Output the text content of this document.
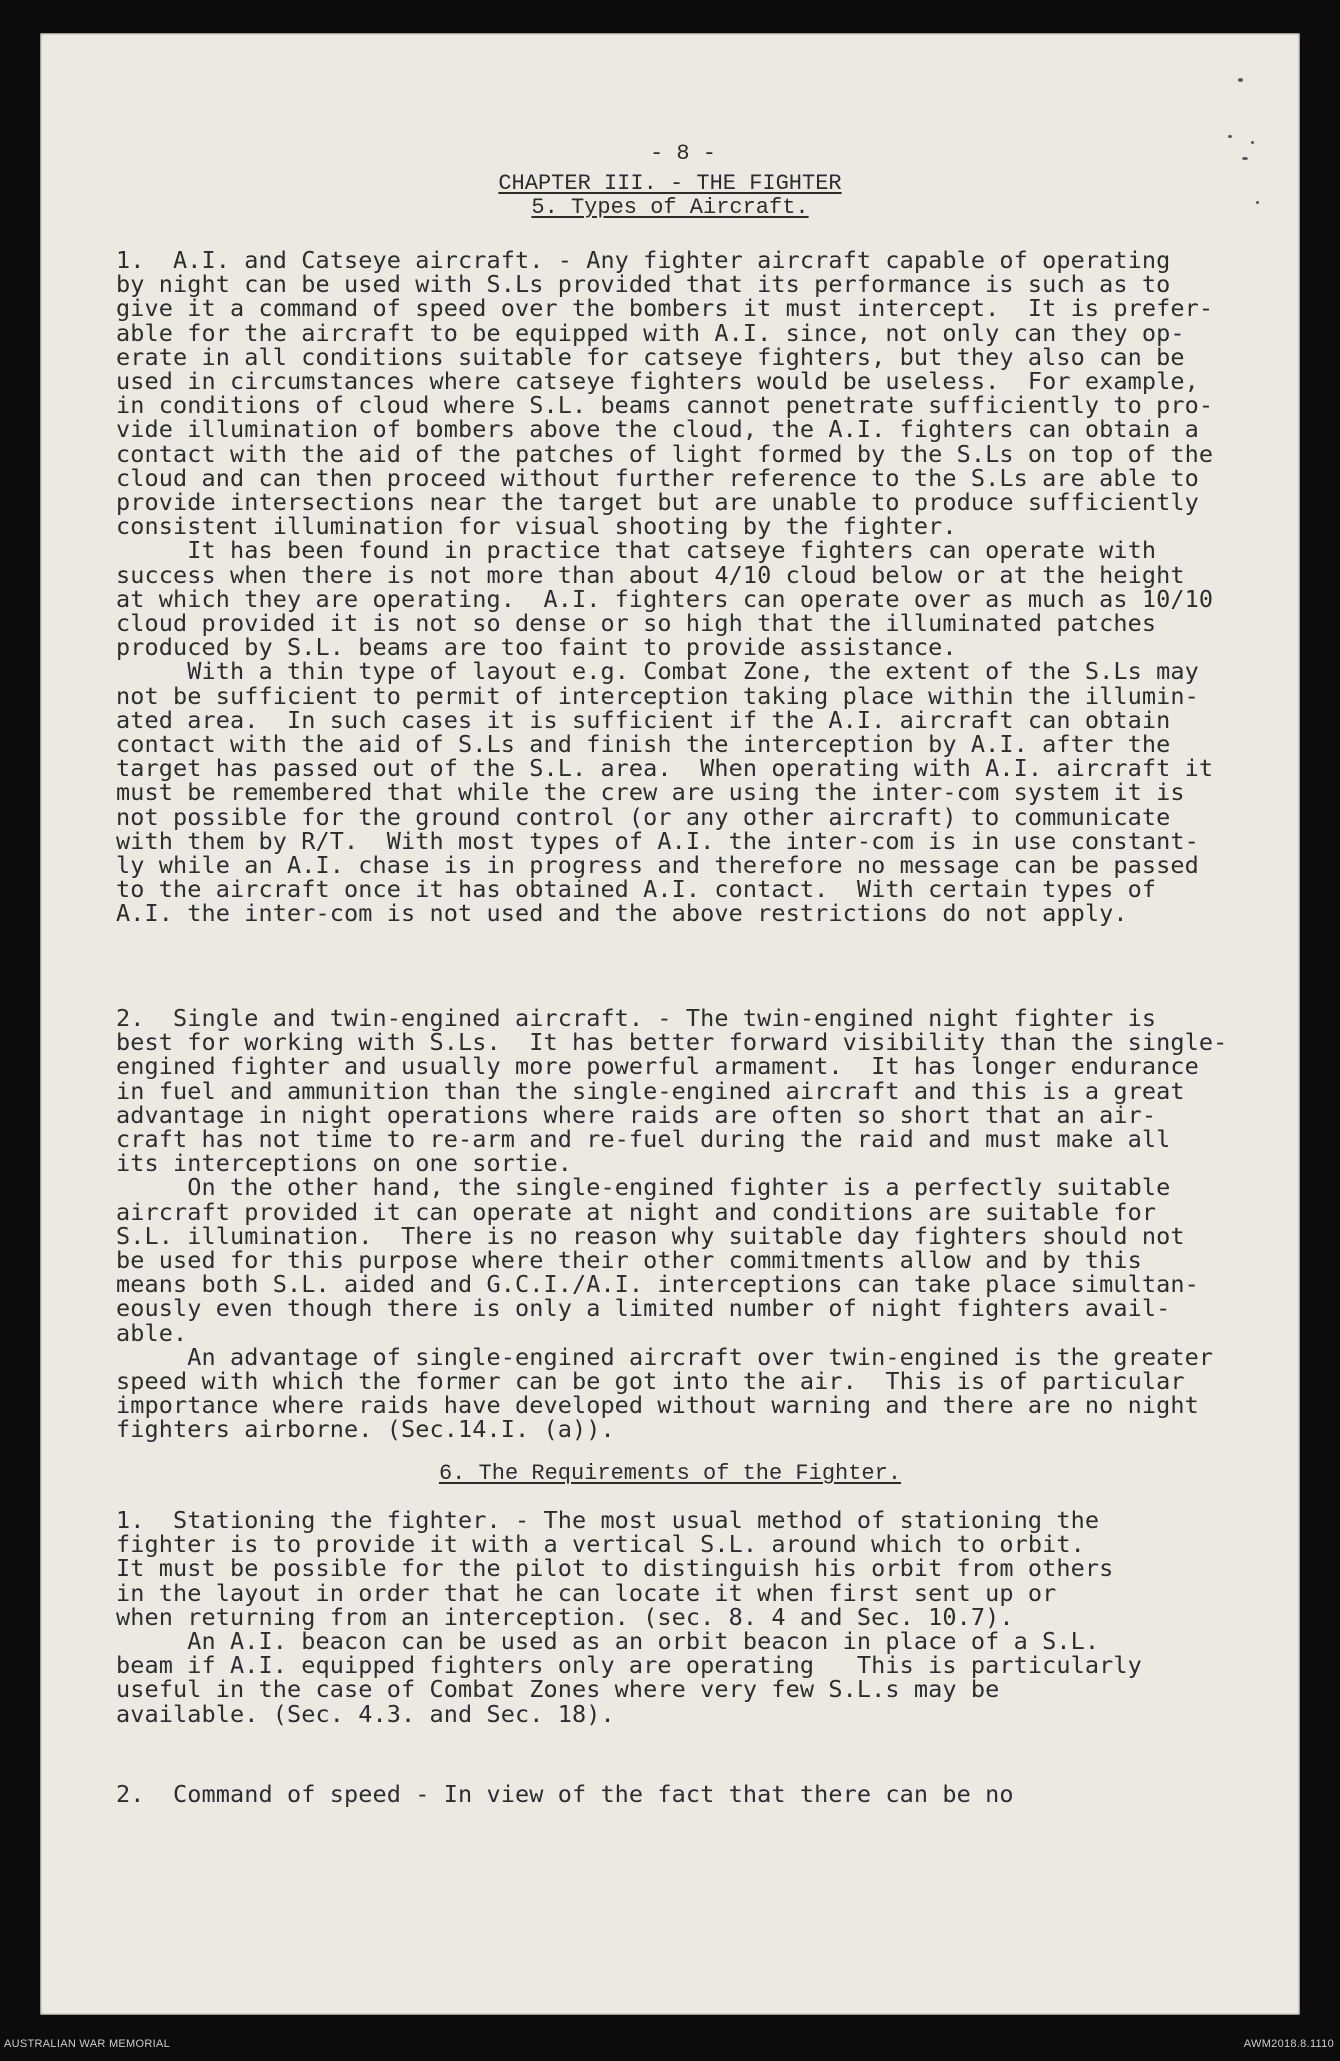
- 8 -
CHAPTER III. - THE FIGHTER
5. Types of Aircraft.
1.  A.I. and Catseye aircraft. - Any fighter aircraft capable of operating
by night can be used with S.Ls provided that its performance is such as to
give it a command of speed over the bombers it must intercept.  It is prefer-
able for the aircraft to be equipped with A.I. since, not only can they op-
erate in all conditions suitable for catseye fighters, but they also can be
used in circumstances where catseye fighters would be useless.  For example,
in conditions of cloud where S.L. beams cannot penetrate sufficiently to pro-
vide illumination of bombers above the cloud, the A.I. fighters can obtain a
contact with the aid of the patches of light formed by the S.Ls on top of the
cloud and can then proceed without further reference to the S.Ls are able to
provide intersections near the target but are unable to produce sufficiently
consistent illumination for visual shooting by the fighter.
It has been found in practice that catseye fighters can operate with
success when there is not more than about 4/10 cloud below or at the height
at which they are operating.  A.I. fighters can operate over as much as 10/10
cloud provided it is not so dense or so high that the illuminated patches
produced by S.L. beams are too faint to provide assistance.
With a thin type of layout e.g. Combat Zone, the extent of the S.Ls may
not be sufficient to permit of interception taking place within the illumin-
ated area.  In such cases it is sufficient if the A.I. aircraft can obtain
contact with the aid of S.Ls and finish the interception by A.I. after the
target has passed out of the S.L. area.  When operating with A.I. aircraft it
must be remembered that while the crew are using the inter-com system it is
not possible for the ground control (or any other aircraft) to communicate
with them by R/T.  With most types of A.I. the inter-com is in use constant-
ly while an A.I. chase is in progress and therefore no message can be passed
to the aircraft once it has obtained A.I. contact.  With certain types of
A.I. the inter-com is not used and the above restrictions do not apply.
2.  Single and twin-engined aircraft. - The twin-engined night fighter is
best for working with S.Ls.  It has better forward visibility than the single-
engined fighter and usually more powerful armament.  It has longer endurance
in fuel and ammunition than the single-engined aircraft and this is a great
advantage in night operations where raids are often so short that an air-
craft has not time to re-arm and re-fuel during the raid and must make all
its interceptions on one sortie.
On the other hand, the single-engined fighter is a perfectly suitable
aircraft provided it can operate at night and conditions are suitable for
S.L. illumination.  There is no reason why suitable day fighters should not
be used for this purpose where their other commitments allow and by this
means both S.L. aided and G.C.I./A.I. interceptions can take place simultan-
eously even though there is only a limited number of night fighters avail-
able.
An advantage of single-engined aircraft over twin-engined is the greater
speed with which the former can be got into the air.  This is of particular
importance where raids have developed without warning and there are no night
fighters airborne. (Sec.14.I. (a)).
6. The Requirements of the Fighter.
1.  Stationing the fighter. - The most usual method of stationing the
fighter is to provide it with a vertical S.L. around which to orbit.
It must be possible for the pilot to distinguish his orbit from others
in the layout in order that he can locate it when first sent up or
when returning from an interception. (sec. 8. 4 and Sec. 10.7).
An A.I. beacon can be used as an orbit beacon in place of a S.L.
beam if A.I. equipped fighters only are operating   This is particularly
useful in the case of Combat Zones where very few S.L.s may be
available. (Sec. 4.3. and Sec. 18).
2.  Command of speed - In view of the fact that there can be no
AUSTRALIAN WAR MEMORIAL	AWM2018.8.1110
